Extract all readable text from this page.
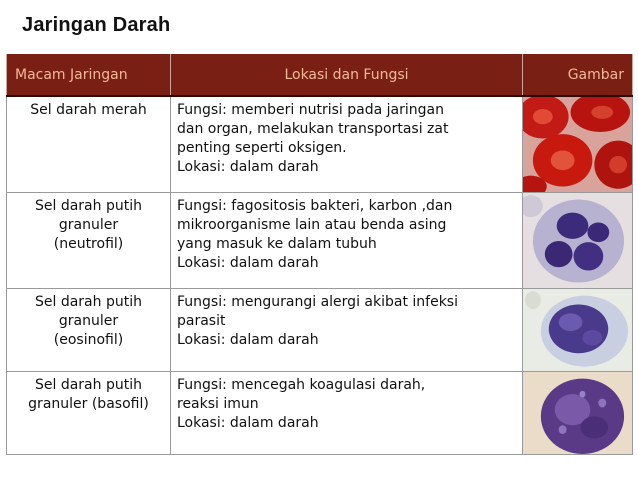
Jaringan Darah
Macam Jaringan	Lokasi dan Fungsi	Gambar

Sel darah merah	Fungsi: memberi nutrisi pada jaringan
dan organ, melakukan transportasi zat
penting seperti oksigen.
Lokasi: dalam darah

Sel darah putih
granuler
(neutrofil)	Fungsi: fagositosis bakteri, karbon ,dan
mikroorganisme lain atau benda asing
yang masuk ke dalam tubuh
Lokasi: dalam darah

Sel darah putih
granuler
(eosinofil)	Fungsi: mengurangi alergi akibat infeksi
parasit
Lokasi: dalam darah

Sel darah putih
granuler (basofil)	Fungsi: mencegah koagulasi darah,
reaksi imun
Lokasi: dalam darah
